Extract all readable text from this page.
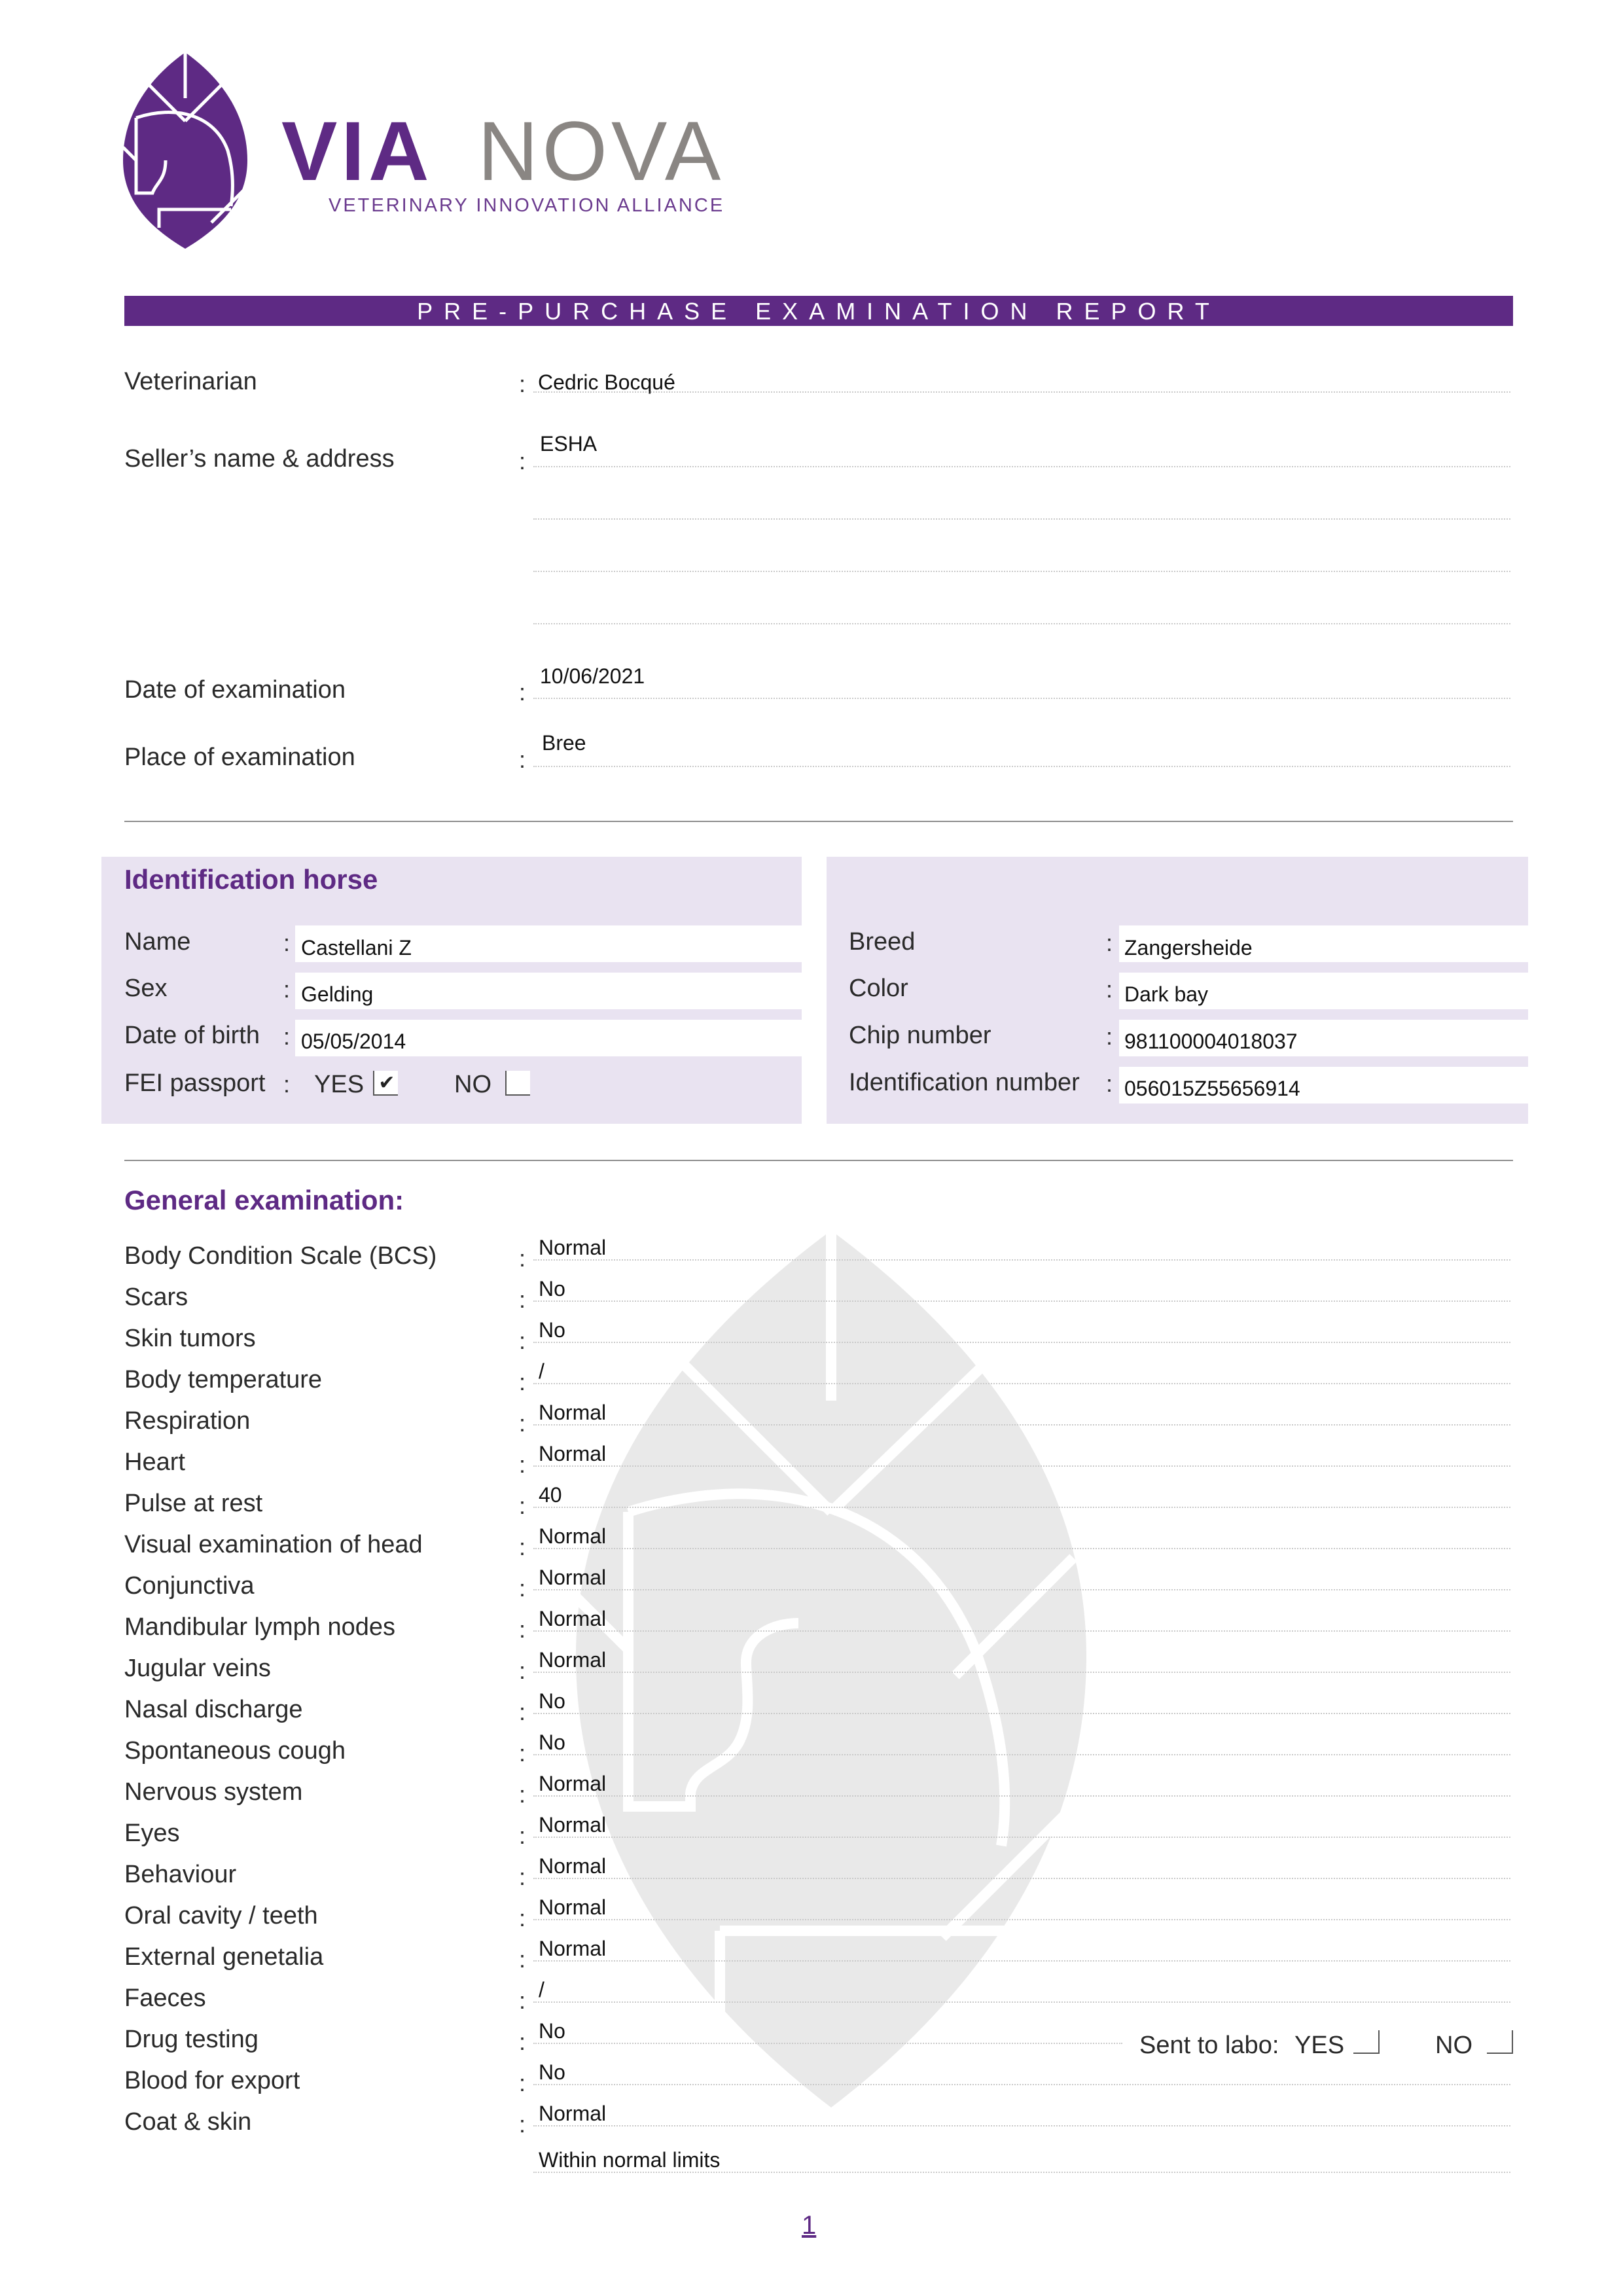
VIA NOVA
VETERINARY INNOVATION ALLIANCE
PRE-PURCHASE EXAMINATION REPORT
Veterinarian	: Cedric Bocqué
Seller’s name & address	:
ESHA
Date of examination	:
10/06/2021
Place of examination	:
Bree
Identification horse
Name	: Castellani Z
Sex	: Gelding
Date of birth : 05/05/2014
FEI passport : YES ✔ NO
Breed	: Zangersheide
Color	: Dark bay
Chip number	: 981100004018037
Identification number : 056015Z55656914
General examination:
Body Condition Scale (BCS)	: Normal
Scars	: No
Skin tumors	: No
Body temperature	: /
Respiration	: Normal
Heart	: Normal
Pulse at rest	: 40
Visual examination of head	: Normal
Conjunctiva	: Normal
Mandibular lymph nodes	: Normal
Jugular veins	: Normal
Nasal discharge	: No
Spontaneous cough	: No
Nervous system	: Normal
Eyes	: Normal
Behaviour	: Normal
Oral cavity / teeth	: Normal
External genetalia	: Normal
Faeces	: /
Drug testing	: No
Blood for export	: No
Coat & skin	: Normal
Within normal limits
Sent to labo: YES	NO
1
